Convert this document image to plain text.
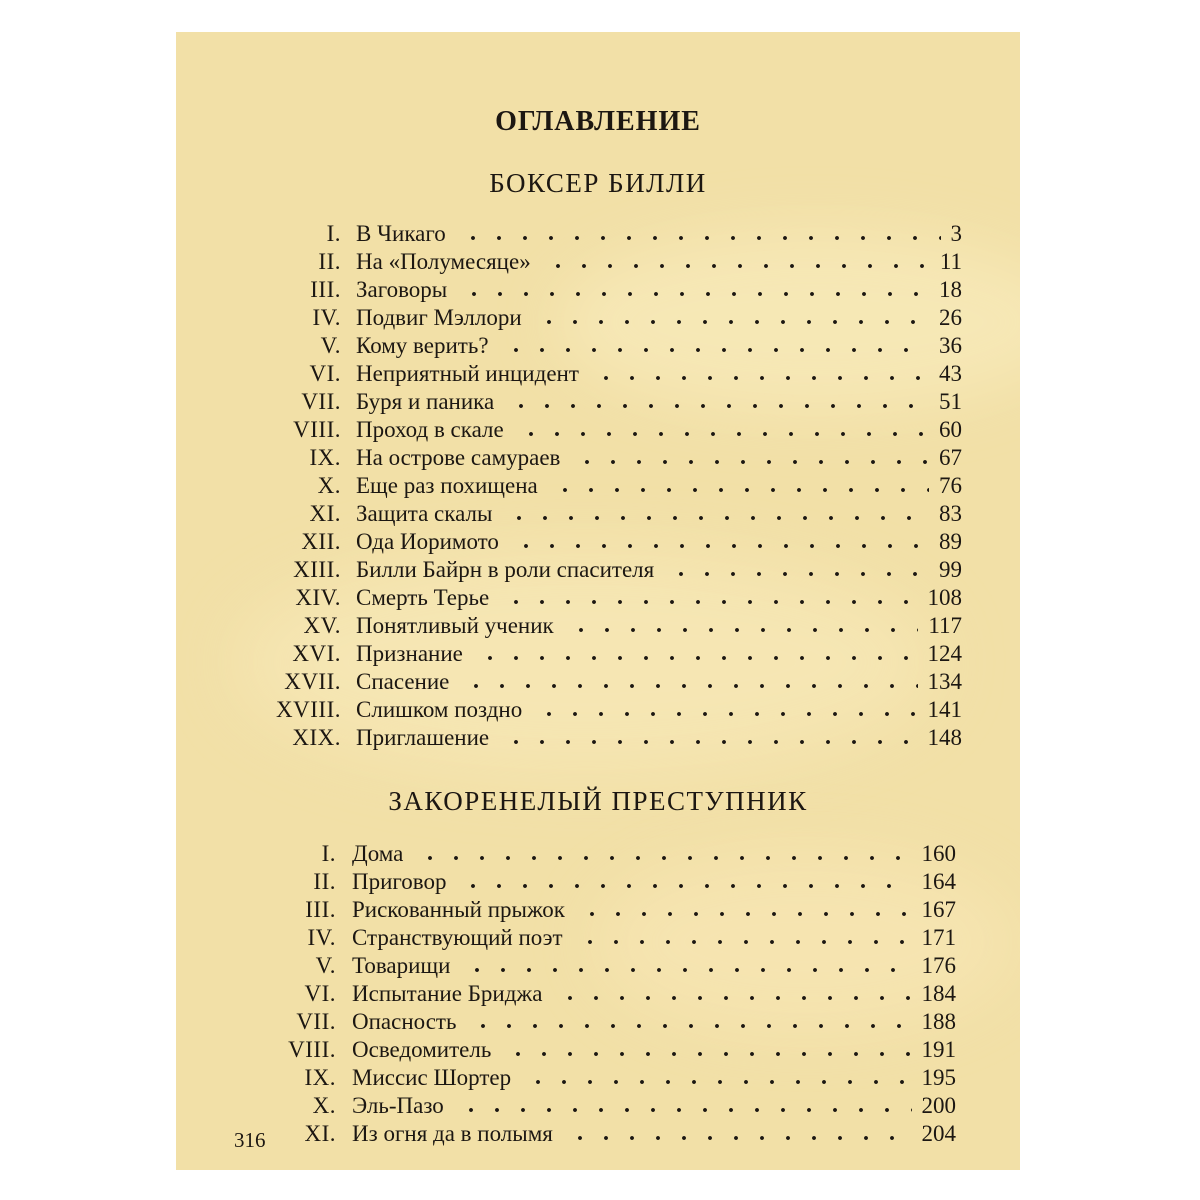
ОГЛАВЛЕНИЕ
БОКСЕР БИЛЛИ
I. В Чикаго	3
II. На «Полумесяце»	11
III. Заговоры	18
IV. Подвиг Мэллори	26
V. Кому верить?	36
VI. Неприятный инцидент	43
VII. Буря и паника	51
VIII. Проход в скале	60
IX. На острове самураев	67
X. Еще раз похищена	76
XI. Защита скалы	83
XII. Ода Иоримото	89
XIII. Билли Байрн в роли спасителя	99
XIV. Смерть Терье	108
XV. Понятливый ученик	117
XVI. Признание	124
XVII. Спасение	134
XVIII. Слишком поздно	141
XIX. Приглашение	148
ЗАКОРЕНЕЛЫЙ ПРЕСТУПНИК
I. Дома	160
II. Приговор	164
III. Рискованный прыжок	167
IV. Странствующий поэт	171
V. Товарищи	176
VI. Испытание Бриджа	184
VII. Опасность	188
VIII. Осведомитель	191
IX. Миссис Шортер	195
X. Эль-Пазо	200
XI. Из огня да в полымя	204
316
